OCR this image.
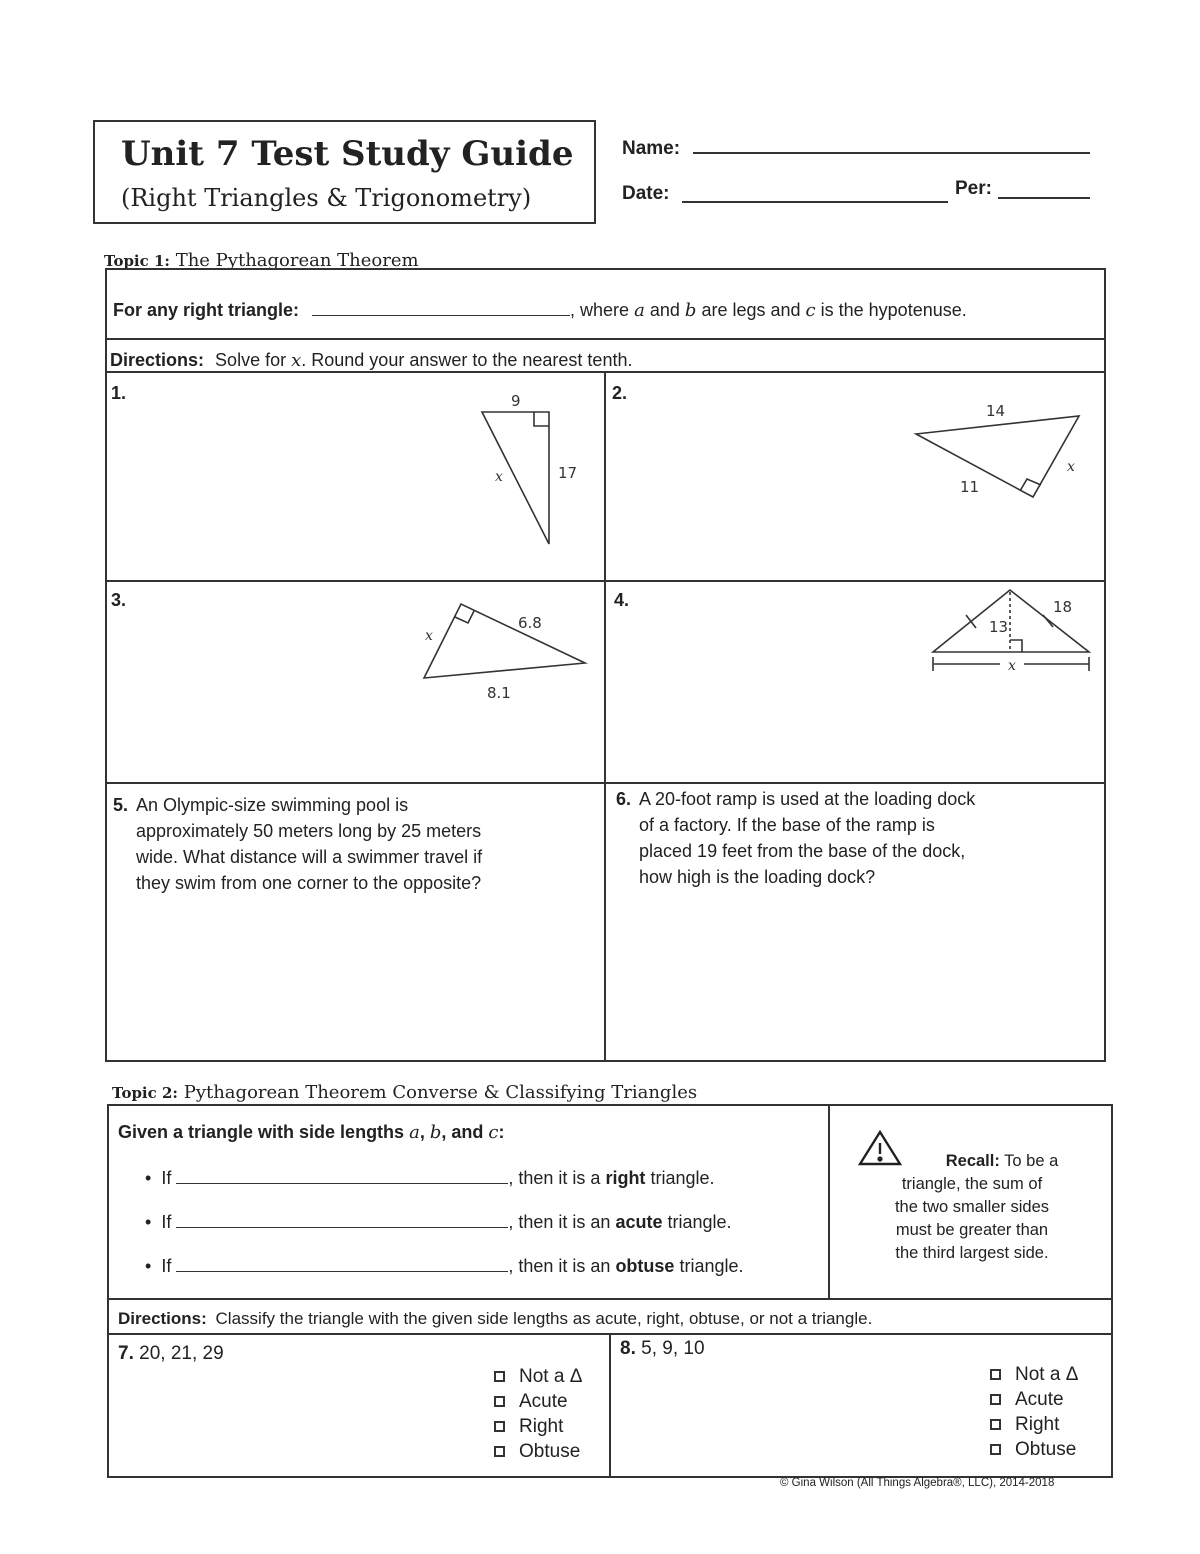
Unit 7 Test Study Guide
(Right Triangles & Trigonometry)
Name:
Date:	Per:
Topic 1: The Pythagorean Theorem
For any right triangle:	, where a and b are legs and c is the hypotenuse.
Directions: Solve for x. Round your answer to the nearest tenth.
1.	2.
3.	4.
9
x	17
14
x
11
6.8
x
8.1
18
13
x
5. An Olympic-size swimming pool is
approximately 50 meters long by 25 meters
wide. What distance will a swimmer travel if
they swim from one corner to the opposite?
6. A 20-foot ramp is used at the loading dock
of a factory. If the base of the ramp is
placed 19 feet from the base of the dock,
how high is the loading dock?
Topic 2: Pythagorean Theorem Converse & Classifying Triangles
Given a triangle with side lengths a, b, and c:
• If	, then it is a right triangle.
• If	, then it is an acute triangle.
• If	, then it is an obtuse triangle.
Recall: To be a
triangle, the sum of
the two smaller sides
must be greater than
the third largest side.
Directions: Classify the triangle with the given side lengths as acute, right, obtuse, or not a triangle.
7. 20, 21, 29
Not a Δ
Acute
Right
Obtuse
8. 5, 9, 10
Not a Δ
Acute
Right
Obtuse
© Gina Wilson (All Things Algebra®, LLC), 2014-2018
